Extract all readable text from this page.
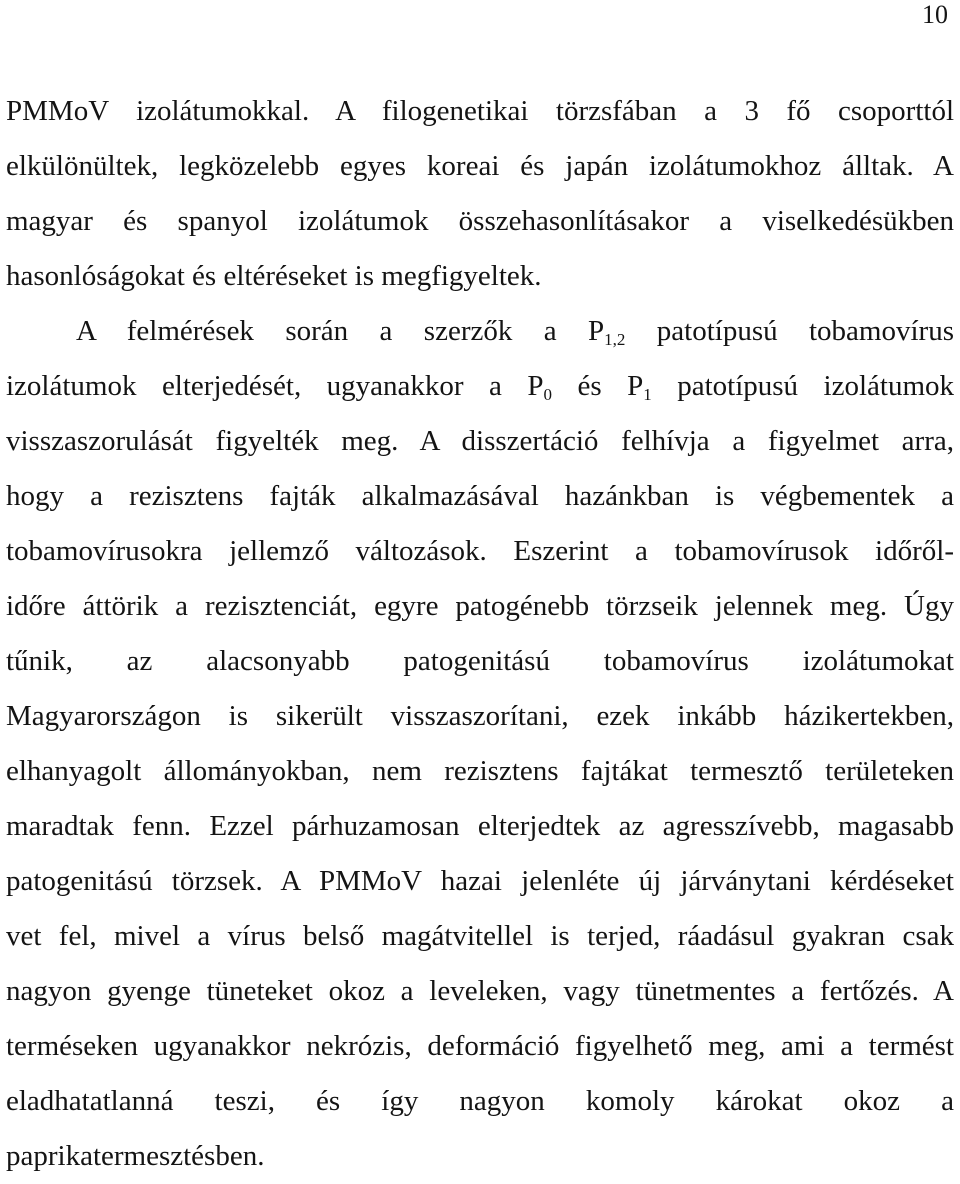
10
PMMoV izolátumokkal. A filogenetikai törzsfában a 3 fő csoporttól
elkülönültek, legközelebb egyes koreai és japán izolátumokhoz álltak. A
magyar és spanyol izolátumok összehasonlításakor a viselkedésükben
hasonlóságokat és eltéréseket is megfigyeltek.
A felmérések során a szerzők a $P_{1,2}$ patotípusú tobamovírus
izolátumok elterjedését, ugyanakkor a $P_0$ és $P_1$ patotípusú izolátumok
visszaszorulását figyelték meg. A disszertáció felhívja a figyelmet arra,
hogy a rezisztens fajták alkalmazásával hazánkban is végbementek a
tobamovírusokra jellemző változások. Eszerint a tobamovírusok időről-
időre áttörik a rezisztenciát, egyre patogénebb törzseik jelennek meg. Úgy
tűnik, az alacsonyabb patogenitású tobamovírus izolátumokat
Magyarországon is sikerült visszaszorítani, ezek inkább házikertekben,
elhanyagolt állományokban, nem rezisztens fajtákat termesztő területeken
maradtak fenn. Ezzel párhuzamosan elterjedtek az agresszívebb, magasabb
patogenitású törzsek. A PMMoV hazai jelenléte új járványtani kérdéseket
vet fel, mivel a vírus belső magátvitellel is terjed, ráadásul gyakran csak
nagyon gyenge tüneteket okoz a leveleken, vagy tünetmentes a fertőzés. A
terméseken ugyanakkor nekrózis, deformáció figyelhető meg, ami a termést
eladhatatlanná teszi, és így nagyon komoly károkat okoz a
paprikatermesztésben.
